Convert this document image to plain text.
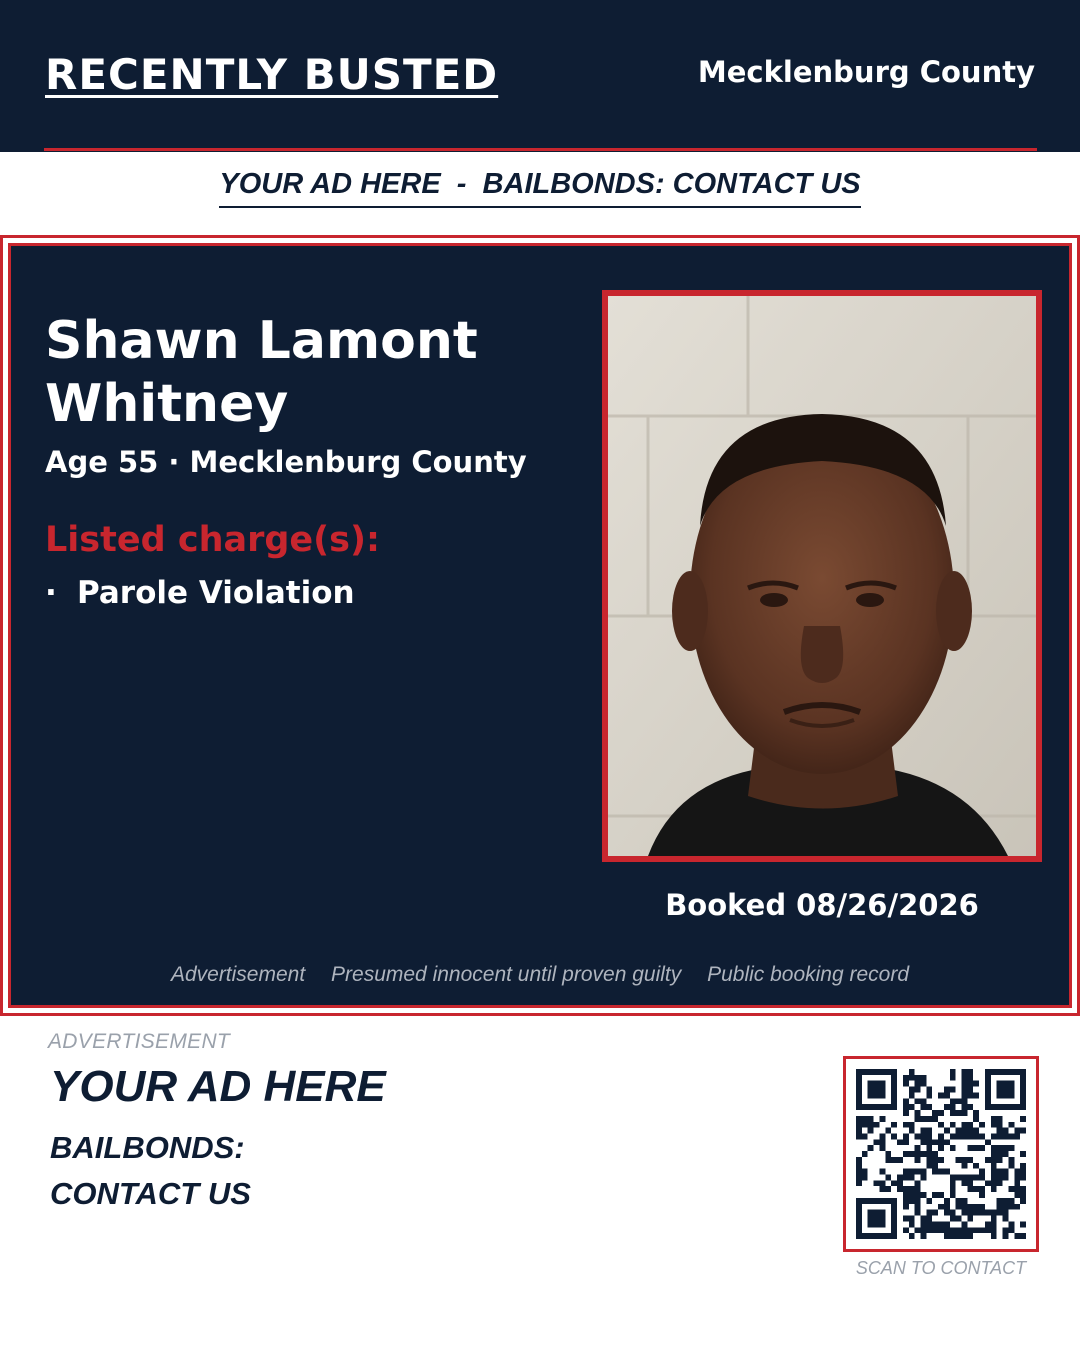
RECENTLY BUSTED	Mecklenburg County
YOUR AD HERE  -  BAILBONDS: CONTACT US
Shawn Lamont Whitney
Age 55 · Mecklenburg County
Listed charge(s):
· Parole Violation
Booked 08/26/2026
Advertisement Presumed innocent until proven guilty Public booking record
ADVERTISEMENT
YOUR AD HERE
BAILBONDS:
CONTACT US
SCAN TO CONTACT
